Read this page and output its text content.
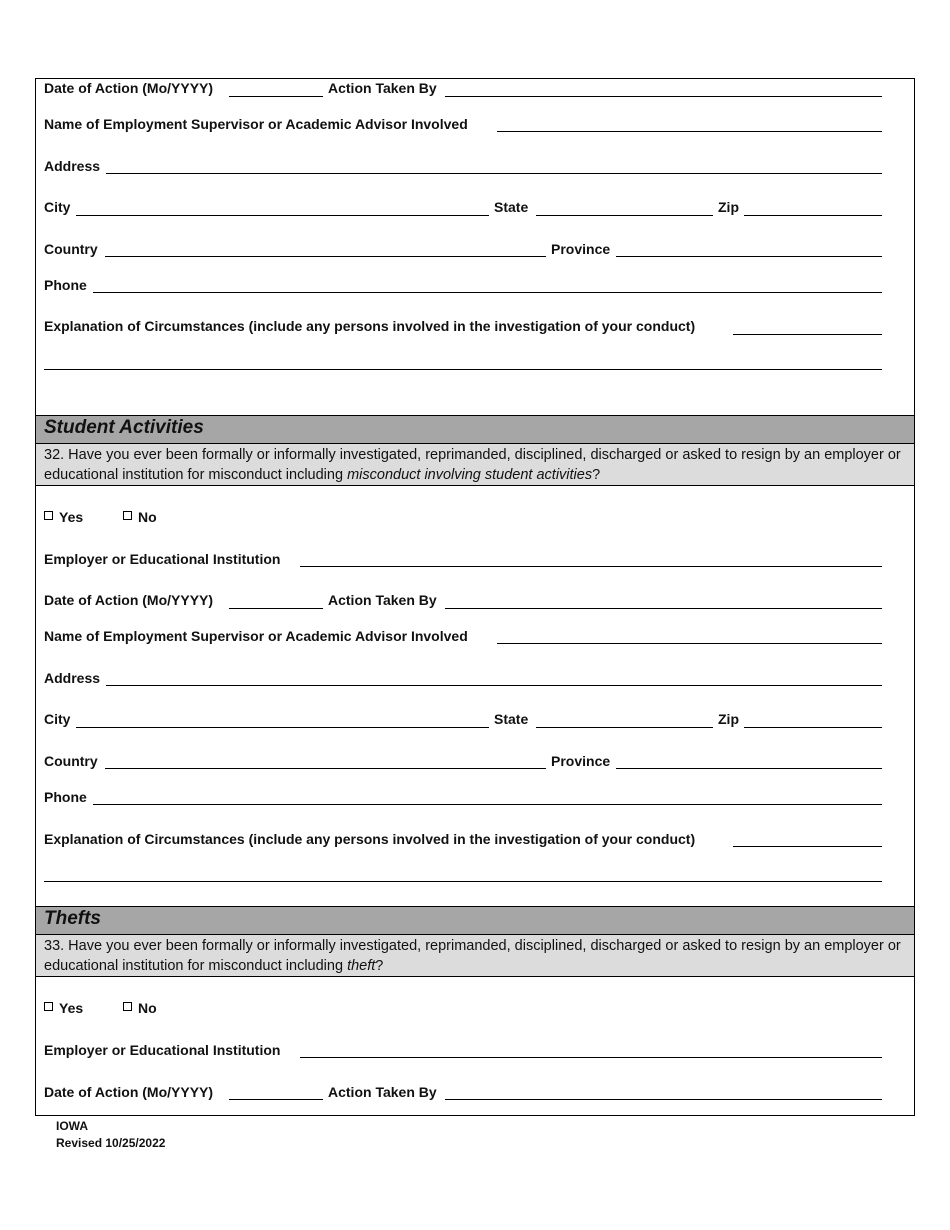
Date of Action (Mo/YYYY)	Action Taken By
Name of Employment Supervisor or Academic Advisor Involved
Address
City	State	Zip
Country	Province
Phone
Explanation of Circumstances (include any persons involved in the investigation of your conduct)
Student Activities
32. Have you ever been formally or informally investigated, reprimanded, disciplined, discharged or asked to resign by an employer or educational institution for misconduct including misconduct involving student activities?
Yes	No
Employer or Educational Institution
Date of Action (Mo/YYYY)	Action Taken By
Name of Employment Supervisor or Academic Advisor Involved
Address
City	State	Zip
Country	Province
Phone
Explanation of Circumstances (include any persons involved in the investigation of your conduct)
Thefts
33. Have you ever been formally or informally investigated, reprimanded, disciplined, discharged or asked to resign by an employer or educational institution for misconduct including theft?
Yes	No
Employer or Educational Institution
Date of Action (Mo/YYYY)	Action Taken By
IOWA
Revised 10/25/2022
